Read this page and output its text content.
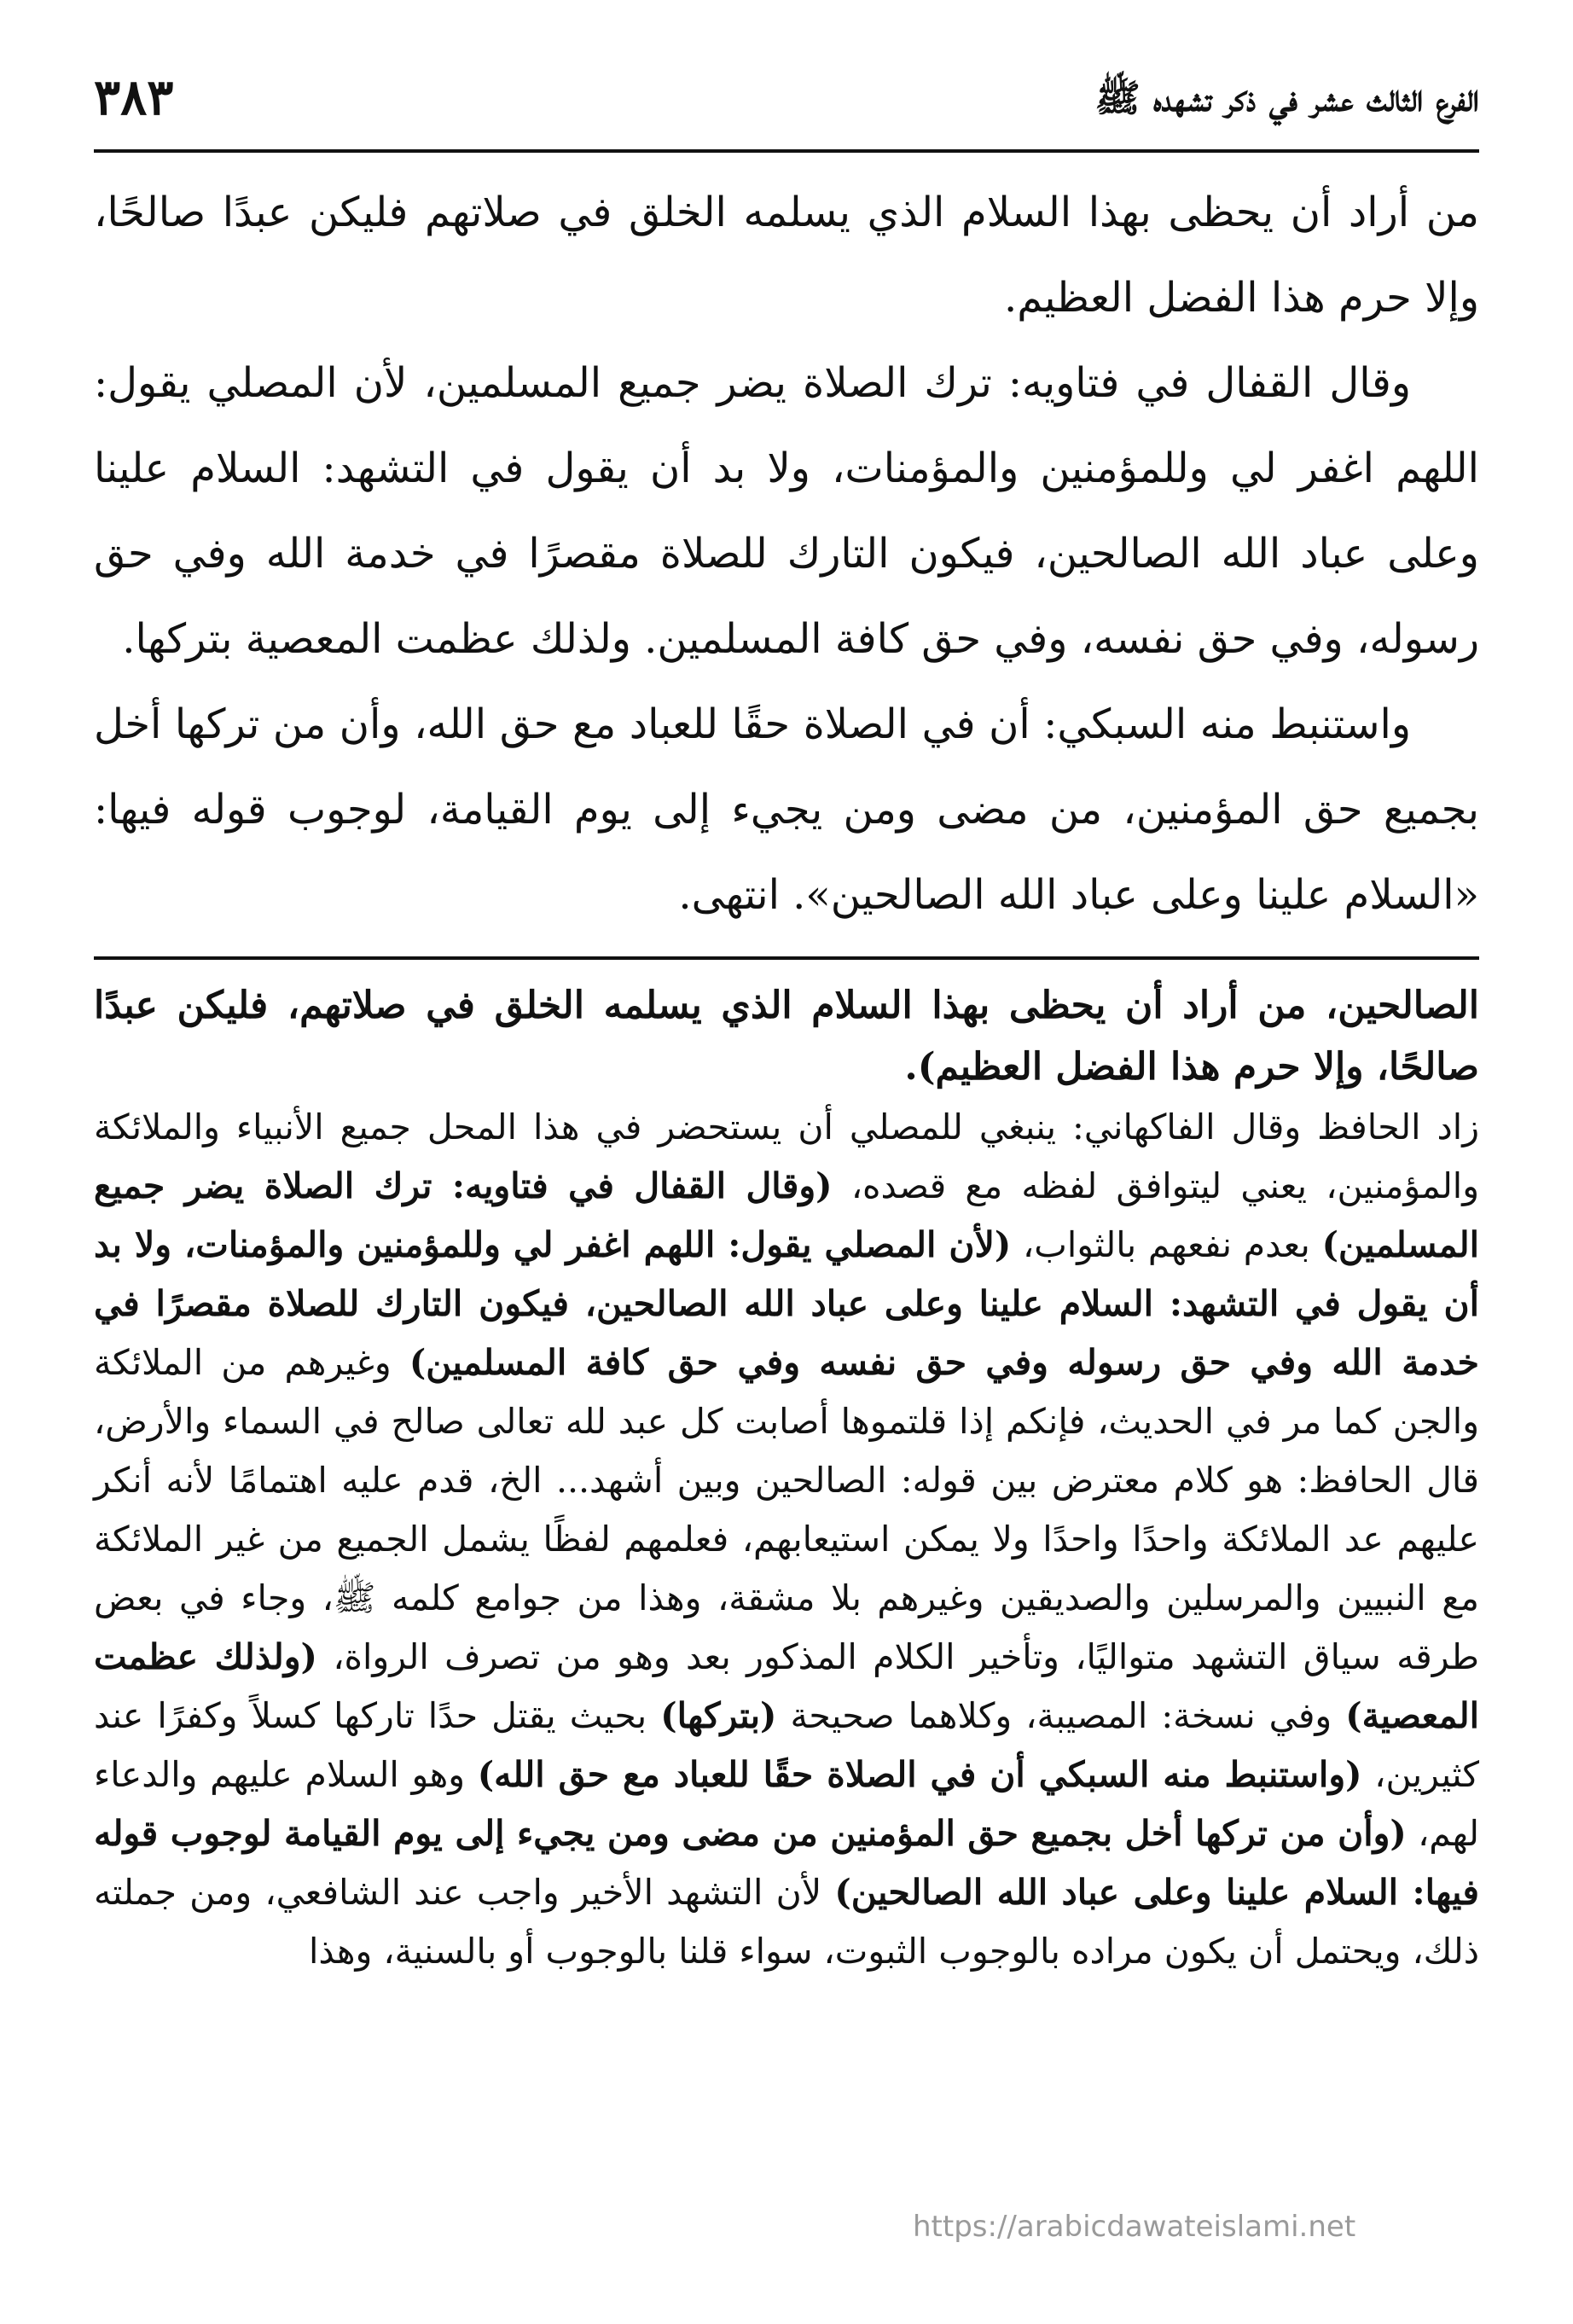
الفرع الثالث عشر في ذكر تشهده ﷺ
٣٨٣

من أراد أن يحظى بهذا السلام الذي يسلمه الخلق في صلاتهم فليكن عبدًا صالحًا، وإلا حرم هذا الفضل العظيم.

وقال القفال في فتاويه: ترك الصلاة يضر جميع المسلمين، لأن المصلي يقول: اللهم اغفر لي وللمؤمنين والمؤمنات، ولا بد أن يقول في التشهد: السلام علينا وعلى عباد الله الصالحين، فيكون التارك للصلاة مقصرًا في خدمة الله وفي حق رسوله، وفي حق نفسه، وفي حق كافة المسلمين. ولذلك عظمت المعصية بتركها.

واستنبط منه السبكي: أن في الصلاة حقًا للعباد مع حق الله، وأن من تركها أخل بجميع حق المؤمنين، من مضى ومن يجيء إلى يوم القيامة، لوجوب قوله فيها: «السلام علينا وعلى عباد الله الصالحين». انتهى.

الصالحين، من أراد أن يحظى بهذا السلام الذي يسلمه الخلق في صلاتهم، فليكن عبدًا صالحًا، وإلا حرم هذا الفضل العظيم).

زاد الحافظ وقال الفاكهاني: ينبغي للمصلي أن يستحضر في هذا المحل جميع الأنبياء والملائكة والمؤمنين، يعني ليتوافق لفظه مع قصده، (وقال القفال في فتاويه: ترك الصلاة يضر جميع المسلمين) بعدم نفعهم بالثواب، (لأن المصلي يقول: اللهم اغفر لي وللمؤمنين والمؤمنات، ولا بد أن يقول في التشهد: السلام علينا وعلى عباد الله الصالحين، فيكون التارك للصلاة مقصرًا في خدمة الله وفي حق رسوله وفي حق نفسه وفي حق كافة المسلمين) وغيرهم من الملائكة والجن كما مر في الحديث، فإنكم إذا قلتموها أصابت كل عبد لله تعالى صالح في السماء والأرض، قال الحافظ: هو كلام معترض بين قوله: الصالحين وبين أشهد... الخ، قدم عليه اهتمامًا لأنه أنكر عليهم عد الملائكة واحدًا واحدًا ولا يمكن استيعابهم، فعلمهم لفظًا يشمل الجميع من غير الملائكة مع النبيين والمرسلين والصديقين وغيرهم بلا مشقة، وهذا من جوامع كلمه ﷺ، وجاء في بعض طرقه سياق التشهد متواليًا، وتأخير الكلام المذكور بعد وهو من تصرف الرواة، (ولذلك عظمت المعصية) وفي نسخة: المصيبة، وكلاهما صحيحة (بتركها) بحيث يقتل حدًا تاركها كسلاً وكفرًا عند كثيرين، (واستنبط منه السبكي أن في الصلاة حقًا للعباد مع حق الله) وهو السلام عليهم والدعاء لهم، (وأن من تركها أخل بجميع حق المؤمنين من مضى ومن يجيء إلى يوم القيامة لوجوب قوله فيها: السلام علينا وعلى عباد الله الصالحين) لأن التشهد الأخير واجب عند الشافعي، ومن جملته ذلك، ويحتمل أن يكون مراده بالوجوب الثبوت، سواء قلنا بالوجوب أو بالسنية، وهذا

https://arabicdawateislami.net
